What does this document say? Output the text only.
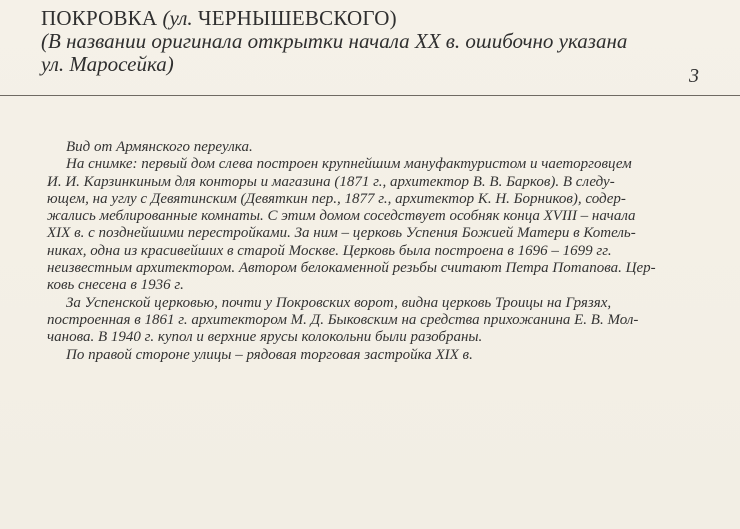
ПОКРОВКА (ул. ЧЕРНЫШЕВСКОГО)
(В названии оригинала открытки начала XX в. ошибочно указана
ул. Маросейка)	3
Вид от Армянского переулка.
На снимке: первый дом слева построен крупнейшим мануфактуристом и чаеторговцем
И. И. Карзинкиным для конторы и магазина (1871 г., архитектор В. В. Барков). В следу-
ющем, на углу с Девятинским (Девяткин пер., 1877 г., архитектор К. Н. Борников), содер-
жались меблированные комнаты. С этим домом соседствует особняк конца XVIII – начала
XIX в. с позднейшими перестройками. За ним – церковь Успения Божией Матери в Котель-
никах, одна из красивейших в старой Москве. Церковь была построена в 1696 – 1699 гг.
неизвестным архитектором. Автором белокаменной резьбы считают Петра Потапова. Цер-
ковь снесена в 1936 г.
За Успенской церковью, почти у Покровских ворот, видна церковь Троицы на Грязях,
построенная в 1861 г. архитектором М. Д. Быковским на средства прихожанина Е. В. Мол-
чанова. В 1940 г. купол и верхние ярусы колокольни были разобраны.
По правой стороне улицы – рядовая торговая застройка XIX в.
